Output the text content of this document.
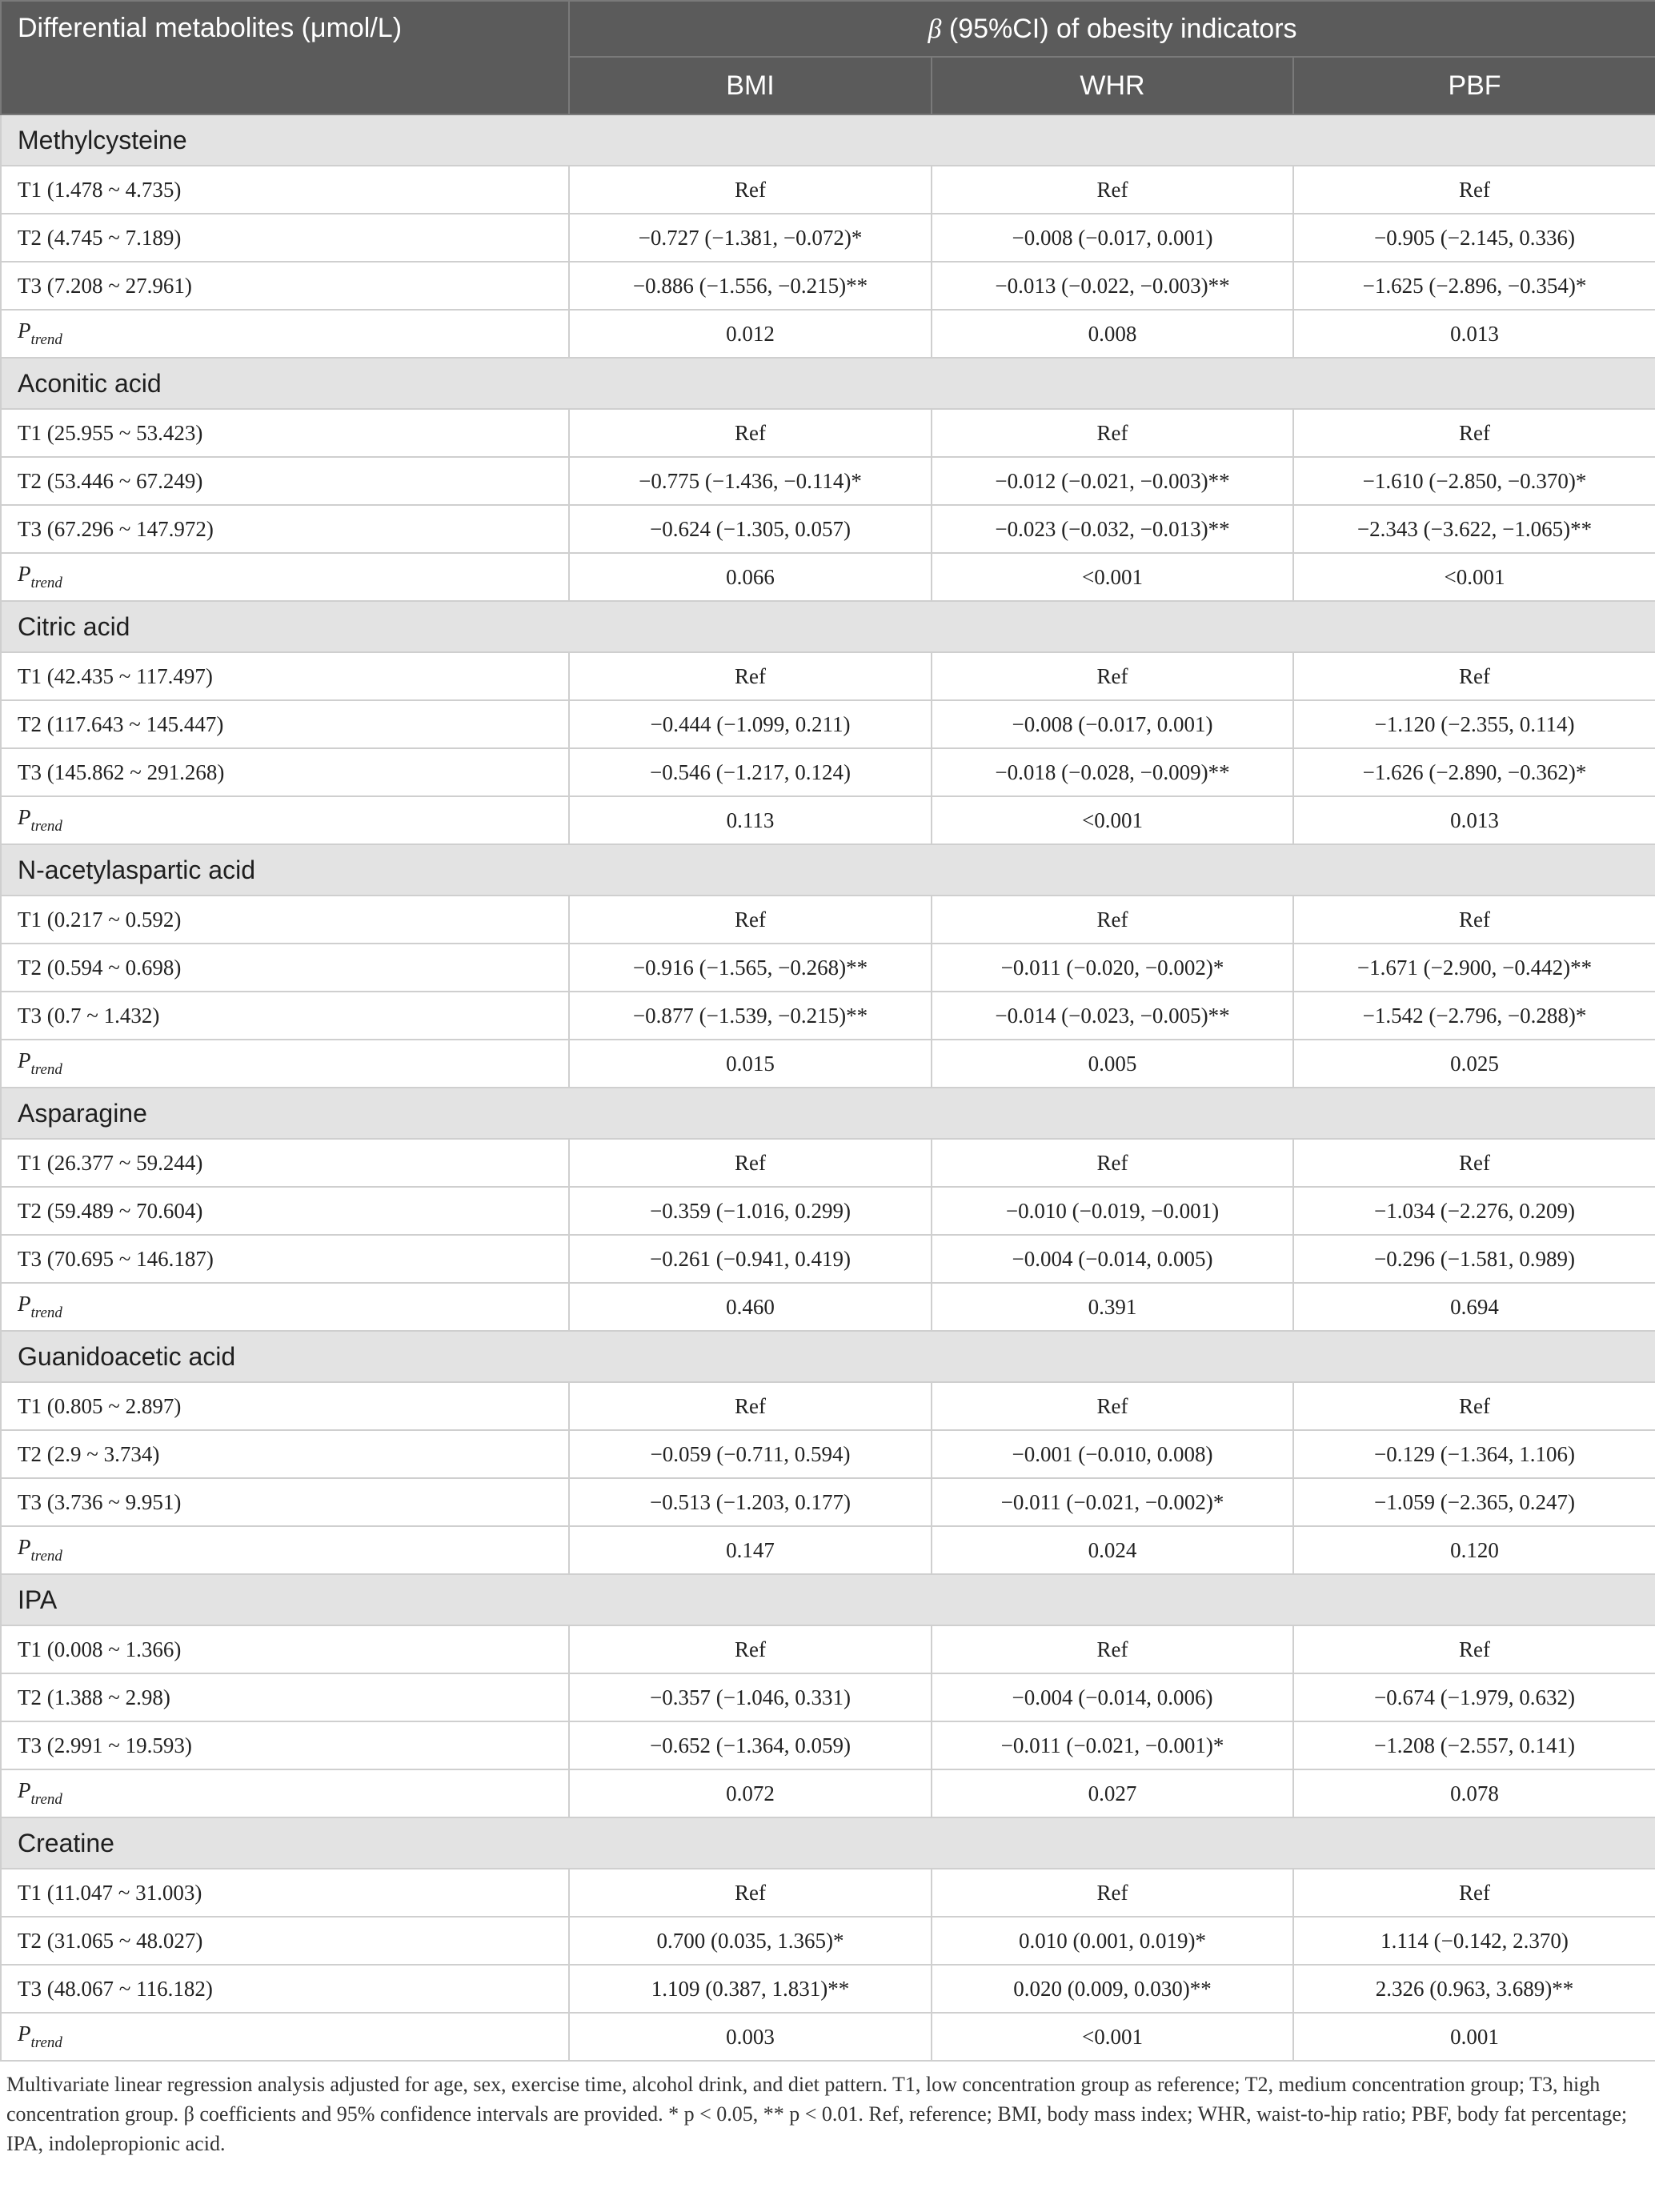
Differential metabolites (μmol/L)	β (95%CI) of obesity indicators		
	BMI	WHR	PBF
Methylcysteine			
T1 (1.478 ~ 4.735)	Ref	Ref	Ref
T2 (4.745 ~ 7.189)	−0.727 (−1.381, −0.072)*	−0.008 (−0.017, 0.001)	−0.905 (−2.145, 0.336)
T3 (7.208 ~ 27.961)	−0.886 (−1.556, −0.215)**	−0.013 (−0.022, −0.003)**	−1.625 (−2.896, −0.354)*
$P_{trend}$	0.012	0.008	0.013
Aconitic acid			
T1 (25.955 ~ 53.423)	Ref	Ref	Ref
T2 (53.446 ~ 67.249)	−0.775 (−1.436, −0.114)*	−0.012 (−0.021, −0.003)**	−1.610 (−2.850, −0.370)*
T3 (67.296 ~ 147.972)	−0.624 (−1.305, 0.057)	−0.023 (−0.032, −0.013)**	−2.343 (−3.622, −1.065)**
$P_{trend}$	0.066	<0.001	<0.001
Citric acid			
T1 (42.435 ~ 117.497)	Ref	Ref	Ref
T2 (117.643 ~ 145.447)	−0.444 (−1.099, 0.211)	−0.008 (−0.017, 0.001)	−1.120 (−2.355, 0.114)
T3 (145.862 ~ 291.268)	−0.546 (−1.217, 0.124)	−0.018 (−0.028, −0.009)**	−1.626 (−2.890, −0.362)*
$P_{trend}$	0.113	<0.001	0.013
N-acetylaspartic acid			
T1 (0.217 ~ 0.592)	Ref	Ref	Ref
T2 (0.594 ~ 0.698)	−0.916 (−1.565, −0.268)**	−0.011 (−0.020, −0.002)*	−1.671 (−2.900, −0.442)**
T3 (0.7 ~ 1.432)	−0.877 (−1.539, −0.215)**	−0.014 (−0.023, −0.005)**	−1.542 (−2.796, −0.288)*
$P_{trend}$	0.015	0.005	0.025
Asparagine			
T1 (26.377 ~ 59.244)	Ref	Ref	Ref
T2 (59.489 ~ 70.604)	−0.359 (−1.016, 0.299)	−0.010 (−0.019, −0.001)	−1.034 (−2.276, 0.209)
T3 (70.695 ~ 146.187)	−0.261 (−0.941, 0.419)	−0.004 (−0.014, 0.005)	−0.296 (−1.581, 0.989)
$P_{trend}$	0.460	0.391	0.694
Guanidoacetic acid			
T1 (0.805 ~ 2.897)	Ref	Ref	Ref
T2 (2.9 ~ 3.734)	−0.059 (−0.711, 0.594)	−0.001 (−0.010, 0.008)	−0.129 (−1.364, 1.106)
T3 (3.736 ~ 9.951)	−0.513 (−1.203, 0.177)	−0.011 (−0.021, −0.002)*	−1.059 (−2.365, 0.247)
$P_{trend}$	0.147	0.024	0.120
IPA			
T1 (0.008 ~ 1.366)	Ref	Ref	Ref
T2 (1.388 ~ 2.98)	−0.357 (−1.046, 0.331)	−0.004 (−0.014, 0.006)	−0.674 (−1.979, 0.632)
T3 (2.991 ~ 19.593)	−0.652 (−1.364, 0.059)	−0.011 (−0.021, −0.001)*	−1.208 (−2.557, 0.141)
$P_{trend}$	0.072	0.027	0.078
Creatine			
T1 (11.047 ~ 31.003)	Ref	Ref	Ref
T2 (31.065 ~ 48.027)	0.700 (0.035, 1.365)*	0.010 (0.001, 0.019)*	1.114 (−0.142, 2.370)
T3 (48.067 ~ 116.182)	1.109 (0.387, 1.831)**	0.020 (0.009, 0.030)**	2.326 (0.963, 3.689)**
$P_{trend}$	0.003	<0.001	0.001
Multivariate linear regression analysis adjusted for age, sex, exercise time, alcohol drink, and diet pattern. T1, low concentration group as reference; T2, medium concentration group; T3, high concentration group. β coefficients and 95% confidence intervals are provided. * p < 0.05, ** p < 0.01. Ref, reference; BMI, body mass index; WHR, waist-to-hip ratio; PBF, body fat percentage; IPA, indolepropionic acid.
